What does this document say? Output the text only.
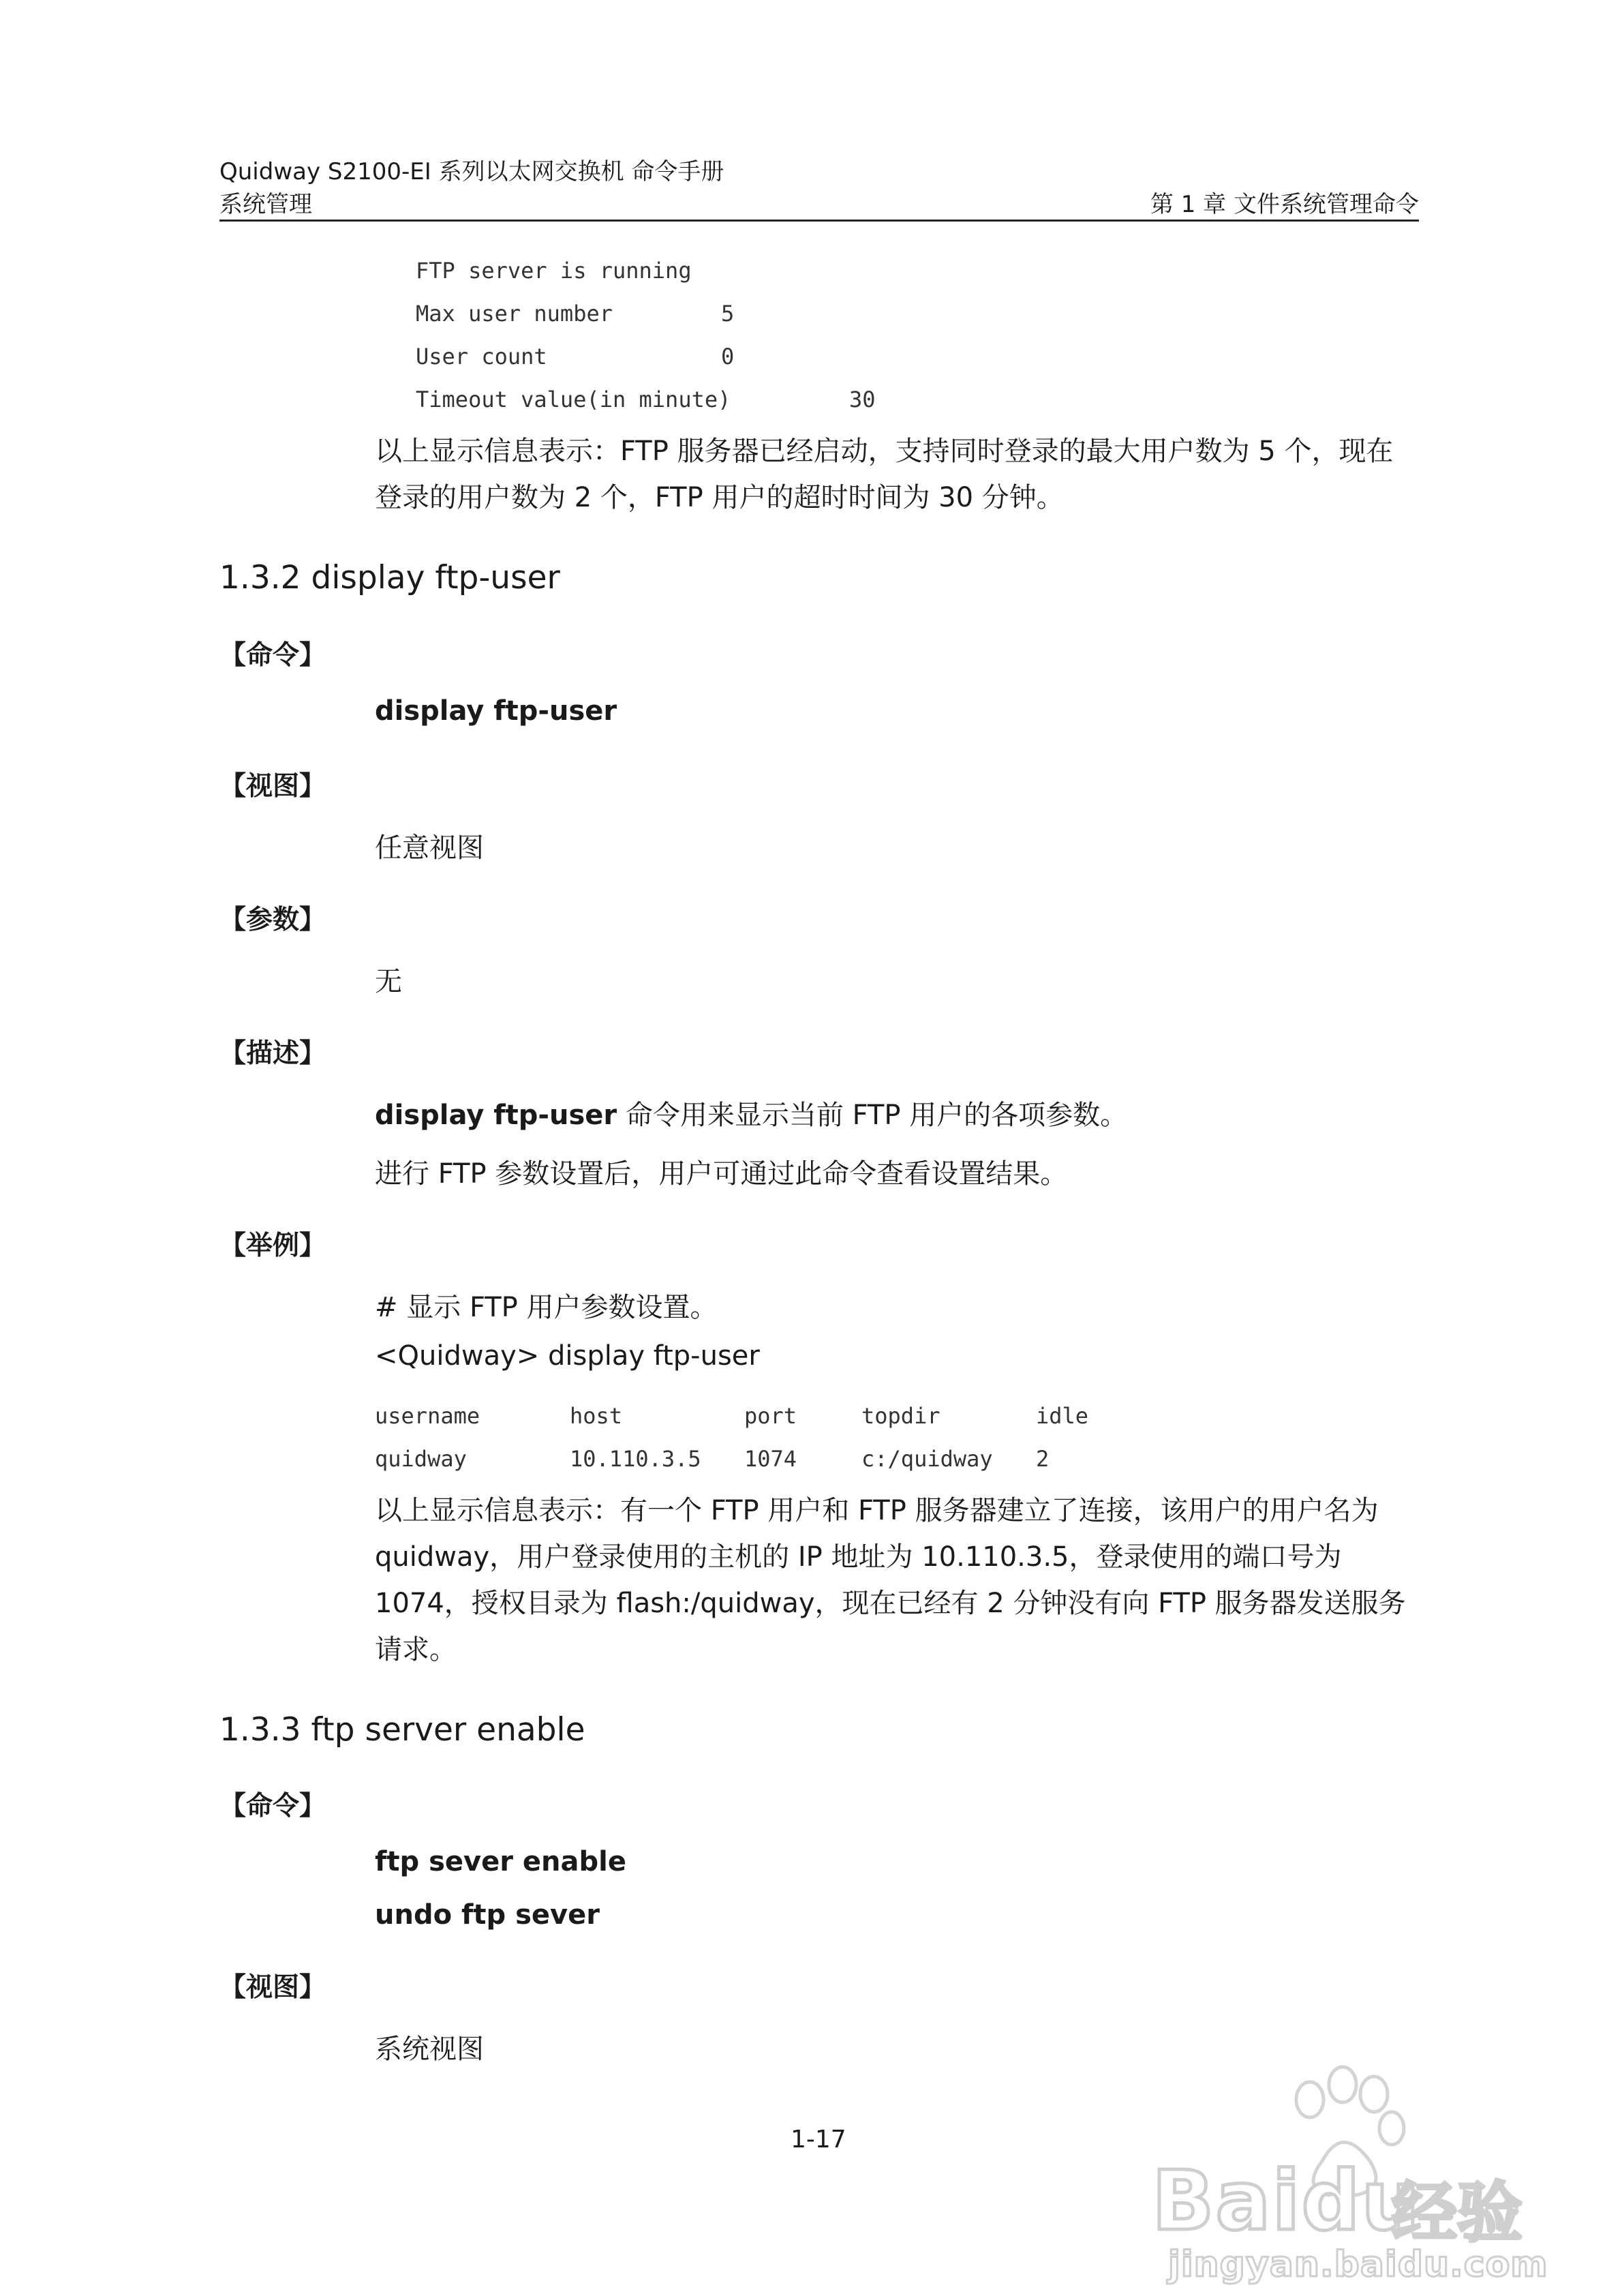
Quidway S2100-EI 系列以太网交换机 命令手册
系统管理	第 1 章 文件系统管理命令
FTP server is running
Max user number	5
User count	0
Timeout value(in minute)	30
以上显示信息表示：FTP 服务器已经启动，支持同时登录的最大用户数为 5 个，现在登录的用户数为 2 个，FTP 用户的超时时间为 30 分钟。
1.3.2 display ftp-user
【命令】
display ftp-user
【视图】
任意视图
【参数】
无
【描述】
display ftp-user 命令用来显示当前 FTP 用户的各项参数。
进行 FTP 参数设置后，用户可通过此命令查看设置结果。
【举例】
# 显示 FTP 用户参数设置。
<Quidway> display ftp-user
username	host	port	topdir	idle
quidway	10.110.3.5 1074	c:/quidway 2
以上显示信息表示：有一个 FTP 用户和 FTP 服务器建立了连接，该用户的用户名为 quidway，用户登录使用的主机的 IP 地址为 10.110.3.5，登录使用的端口号为 1074，授权目录为 flash:/quidway，现在已经有 2 分钟没有向 FTP 服务器发送服务请求。
1.3.3 ftp server enable
【命令】
ftp sever enable
undo ftp sever
【视图】
系统视图
1-17
Baidu
经验
jingyan.baidu.com
